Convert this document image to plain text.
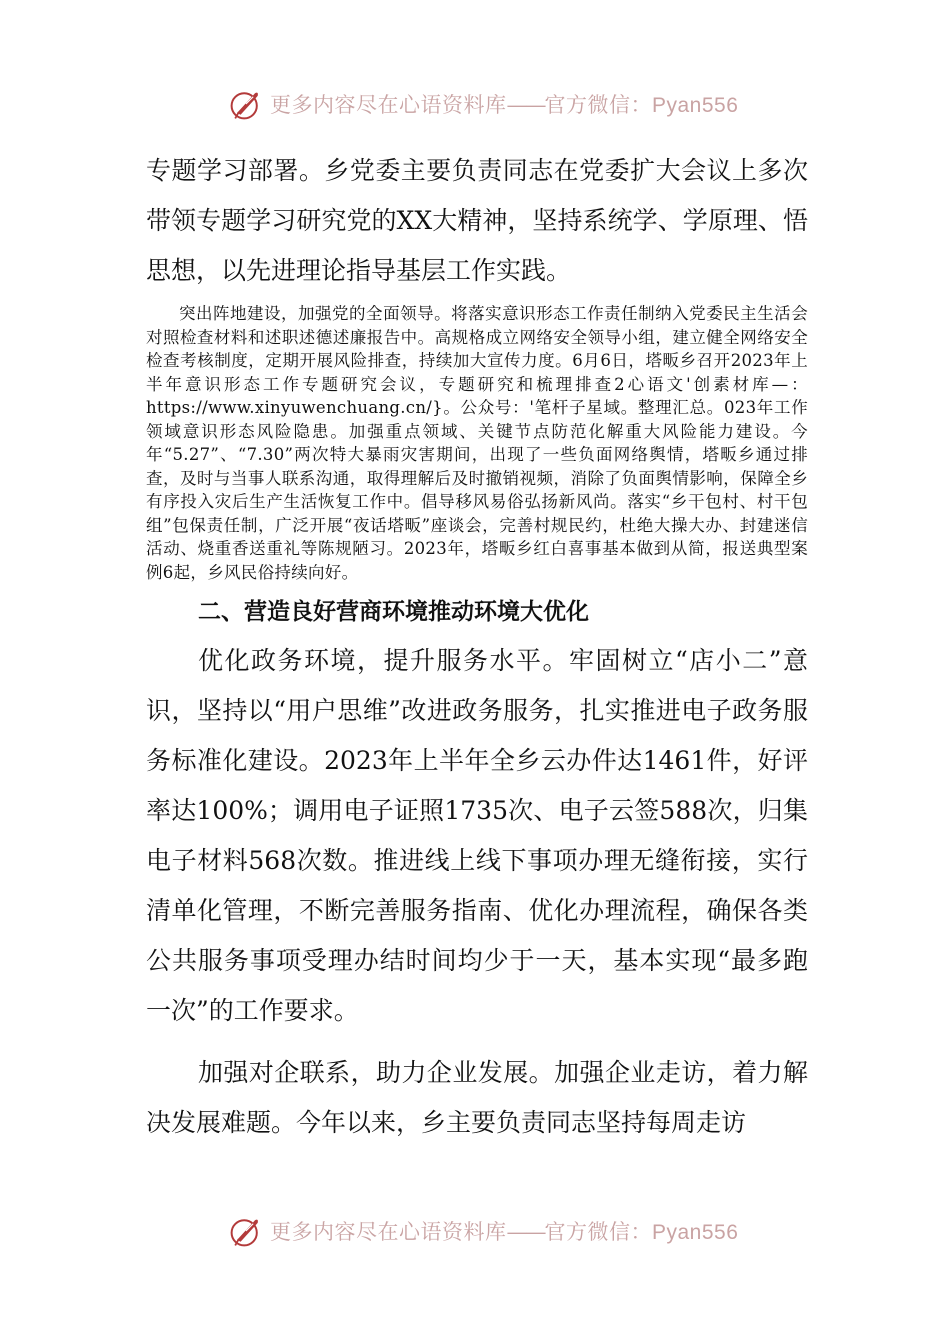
更多内容尽在心语资料库——官方微信：Pyan556

专题学习部署。乡党委主要负责同志在党委扩大会议上多次带领专题学习研究党的XX大精神，坚持系统学、学原理、悟思想，以先进理论指导基层工作实践。

突出阵地建设，加强党的全面领导。将落实意识形态工作责任制纳入党委民主生活会对照检查材料和述职述德述廉报告中。高规格成立网络安全领导小组，建立健全网络安全检查考核制度，定期开展风险排查，持续加大宣传力度。6月6日，塔畈乡召开2023年上半年意识形态工作专题研究会议，专题研究和梳理排查2心语文'创素材库—：https://www.xinyuwenchuang.cn/}。公众号：'笔杆子星域。整理汇总。023年工作领域意识形态风险隐患。加强重点领域、关键节点防范化解重大风险能力建设。今年“5.27”、“7.30”两次特大暴雨灾害期间，出现了一些负面网络舆情，塔畈乡通过排查，及时与当事人联系沟通，取得理解后及时撤销视频，消除了负面舆情影响，保障全乡有序投入灾后生产生活恢复工作中。倡导移风易俗弘扬新风尚。落实“乡干包村、村干包组”包保责任制，广泛开展“夜话塔畈”座谈会，完善村规民约，杜绝大操大办、封建迷信活动、烧重香送重礼等陈规陋习。2023年，塔畈乡红白喜事基本做到从简，报送典型案例6起，乡风民俗持续向好。

二、营造良好营商环境推动环境大优化

优化政务环境，提升服务水平。牢固树立“店小二”意识，坚持以“用户思维”改进政务服务，扎实推进电子政务服务标准化建设。2023年上半年全乡云办件达1461件，好评率达100%；调用电子证照1735次、电子云签588次，归集电子材料568次数。推进线上线下事项办理无缝衔接，实行清单化管理，不断完善服务指南、优化办理流程，确保各类公共服务事项受理办结时间均少于一天，基本实现“最多跑一次”的工作要求。

加强对企联系，助力企业发展。加强企业走访，着力解决发展难题。今年以来，乡主要负责同志坚持每周走访

更多内容尽在心语资料库——官方微信：Pyan556
